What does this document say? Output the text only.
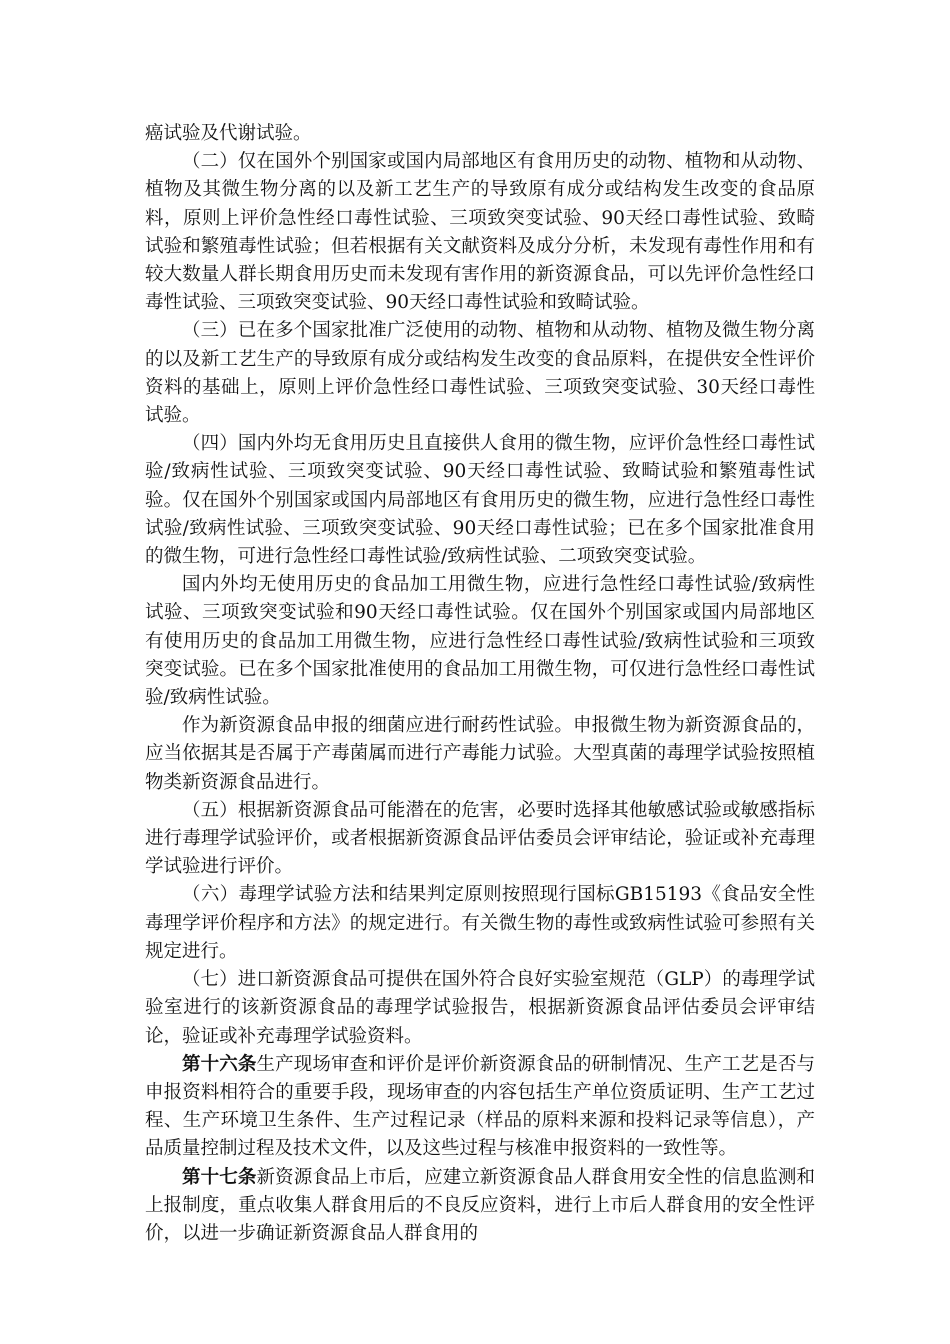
癌试验及代谢试验。

（二）仅在国外个别国家或国内局部地区有食用历史的动物、植物和从动物、植物及其微生物分离的以及新工艺生产的导致原有成分或结构发生改变的食品原料，原则上评价急性经口毒性试验、三项致突变试验、90天经口毒性试验、致畸试验和繁殖毒性试验；但若根据有关文献资料及成分分析，未发现有毒性作用和有较大数量人群长期食用历史而未发现有害作用的新资源食品，可以先评价急性经口毒性试验、三项致突变试验、90天经口毒性试验和致畸试验。

（三）已在多个国家批准广泛使用的动物、植物和从动物、植物及微生物分离的以及新工艺生产的导致原有成分或结构发生改变的食品原料，在提供安全性评价资料的基础上，原则上评价急性经口毒性试验、三项致突变试验、30天经口毒性试验。

（四）国内外均无食用历史且直接供人食用的微生物，应评价急性经口毒性试验/致病性试验、三项致突变试验、90天经口毒性试验、致畸试验和繁殖毒性试验。仅在国外个别国家或国内局部地区有食用历史的微生物，应进行急性经口毒性试验/致病性试验、三项致突变试验、90天经口毒性试验；已在多个国家批准食用的微生物，可进行急性经口毒性试验/致病性试验、二项致突变试验。

国内外均无使用历史的食品加工用微生物，应进行急性经口毒性试验/致病性试验、三项致突变试验和90天经口毒性试验。仅在国外个别国家或国内局部地区有使用历史的食品加工用微生物，应进行急性经口毒性试验/致病性试验和三项致突变试验。已在多个国家批准使用的食品加工用微生物，可仅进行急性经口毒性试验/致病性试验。

作为新资源食品申报的细菌应进行耐药性试验。申报微生物为新资源食品的，应当依据其是否属于产毒菌属而进行产毒能力试验。大型真菌的毒理学试验按照植物类新资源食品进行。

（五）根据新资源食品可能潜在的危害，必要时选择其他敏感试验或敏感指标进行毒理学试验评价，或者根据新资源食品评估委员会评审结论，验证或补充毒理学试验进行评价。

（六）毒理学试验方法和结果判定原则按照现行国标GB15193《食品安全性毒理学评价程序和方法》的规定进行。有关微生物的毒性或致病性试验可参照有关规定进行。

（七）进口新资源食品可提供在国外符合良好实验室规范（GLP）的毒理学试验室进行的该新资源食品的毒理学试验报告，根据新资源食品评估委员会评审结论，验证或补充毒理学试验资料。

第十六条生产现场审查和评价是评价新资源食品的研制情况、生产工艺是否与申报资料相符合的重要手段，现场审查的内容包括生产单位资质证明、生产工艺过程、生产环境卫生条件、生产过程记录（样品的原料来源和投料记录等信息），产品质量控制过程及技术文件，以及这些过程与核准申报资料的一致性等。

第十七条新资源食品上市后，应建立新资源食品人群食用安全性的信息监测和上报制度，重点收集人群食用后的不良反应资料，进行上市后人群食用的安全性评价，以进一步确证新资源食品人群食用的
